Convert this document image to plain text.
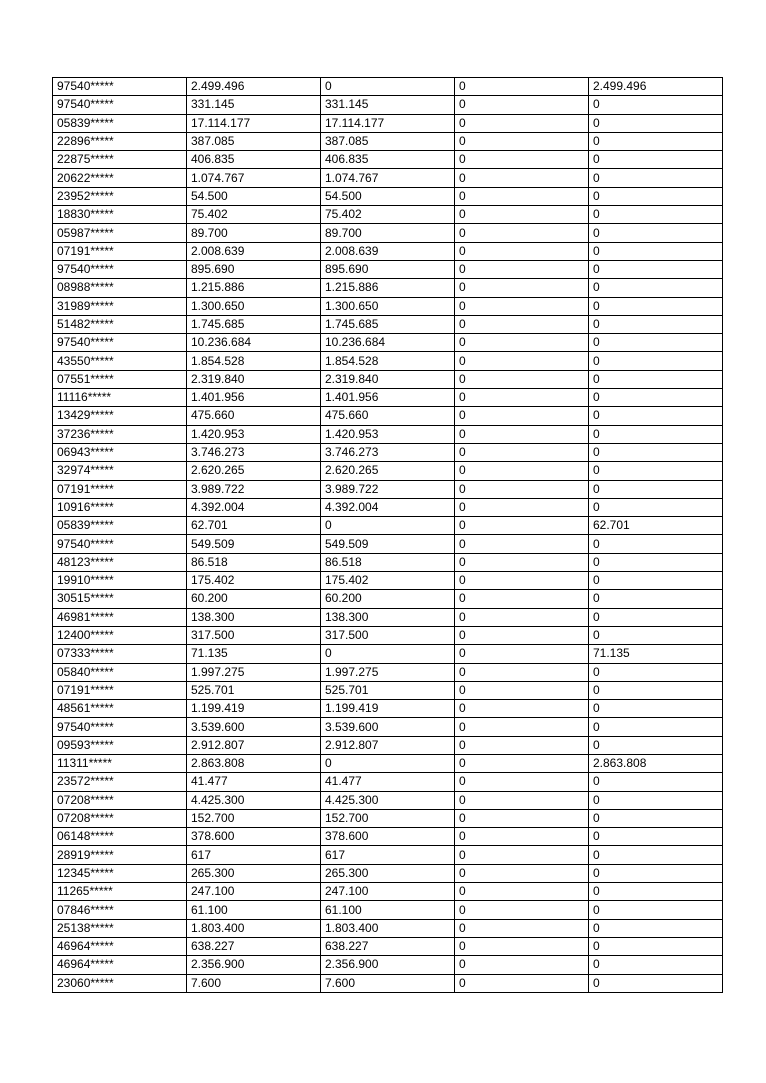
97540*****	2.499.496	0	0	2.499.496
97540*****	331.145	331.145	0	0
05839*****	17.114.177	17.114.177	0	0
22896*****	387.085	387.085	0	0
22875*****	406.835	406.835	0	0
20622*****	1.074.767	1.074.767	0	0
23952*****	54.500	54.500	0	0
18830*****	75.402	75.402	0	0
05987*****	89.700	89.700	0	0
07191*****	2.008.639	2.008.639	0	0
97540*****	895.690	895.690	0	0
08988*****	1.215.886	1.215.886	0	0
31989*****	1.300.650	1.300.650	0	0
51482*****	1.745.685	1.745.685	0	0
97540*****	10.236.684	10.236.684	0	0
43550*****	1.854.528	1.854.528	0	0
07551*****	2.319.840	2.319.840	0	0
11116*****	1.401.956	1.401.956	0	0
13429*****	475.660	475.660	0	0
37236*****	1.420.953	1.420.953	0	0
06943*****	3.746.273	3.746.273	0	0
32974*****	2.620.265	2.620.265	0	0
07191*****	3.989.722	3.989.722	0	0
10916*****	4.392.004	4.392.004	0	0
05839*****	62.701	0	0	62.701
97540*****	549.509	549.509	0	0
48123*****	86.518	86.518	0	0
19910*****	175.402	175.402	0	0
30515*****	60.200	60.200	0	0
46981*****	138.300	138.300	0	0
12400*****	317.500	317.500	0	0
07333*****	71.135	0	0	71.135
05840*****	1.997.275	1.997.275	0	0
07191*****	525.701	525.701	0	0
48561*****	1.199.419	1.199.419	0	0
97540*****	3.539.600	3.539.600	0	0
09593*****	2.912.807	2.912.807	0	0
11311*****	2.863.808	0	0	2.863.808
23572*****	41.477	41.477	0	0
07208*****	4.425.300	4.425.300	0	0
07208*****	152.700	152.700	0	0
06148*****	378.600	378.600	0	0
28919*****	617	617	0	0
12345*****	265.300	265.300	0	0
11265*****	247.100	247.100	0	0
07846*****	61.100	61.100	0	0
25138*****	1.803.400	1.803.400	0	0
46964*****	638.227	638.227	0	0
46964*****	2.356.900	2.356.900	0	0
23060*****	7.600	7.600	0	0
